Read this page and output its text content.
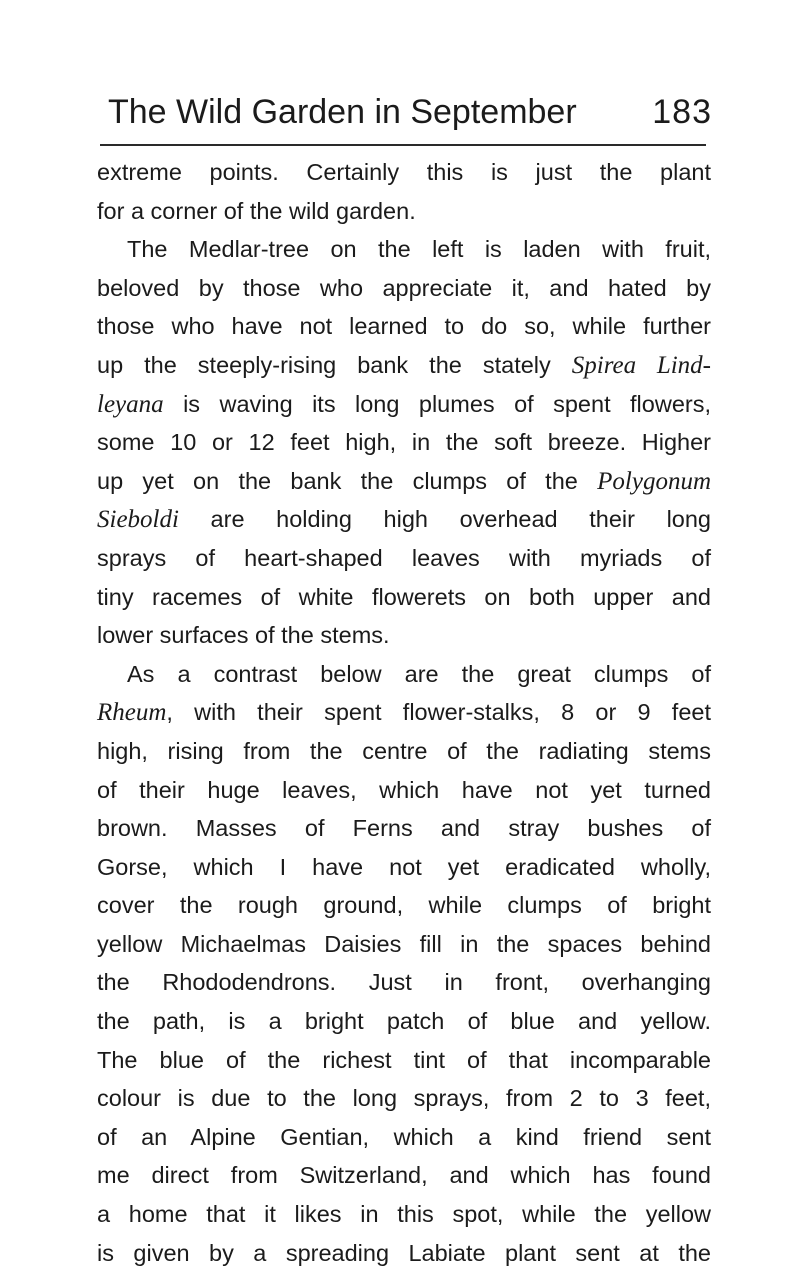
The Wild Garden in September 183
extreme points. Certainly this is just the plant
for a corner of the wild garden.
The Medlar-tree on the left is laden with fruit,
beloved by those who appreciate it, and hated by
those who have not learned to do so, while further
up the steeply-rising bank the stately Spirea Lind-
leyana is waving its long plumes of spent flowers,
some 10 or 12 feet high, in the soft breeze. Higher
up yet on the bank the clumps of the Polygonum
Sieboldi are holding high overhead their long
sprays of heart-shaped leaves with myriads of
tiny racemes of white flowerets on both upper and
lower surfaces of the stems.
As a contrast below are the great clumps of
Rheum, with their spent flower-stalks, 8 or 9 feet
high, rising from the centre of the radiating stems
of their huge leaves, which have not yet turned
brown. Masses of Ferns and stray bushes of
Gorse, which I have not yet eradicated wholly,
cover the rough ground, while clumps of bright
yellow Michaelmas Daisies fill in the spaces behind
the Rhododendrons. Just in front, overhanging
the path, is a bright patch of blue and yellow.
The blue of the richest tint of that incomparable
colour is due to the long sprays, from 2 to 3 feet,
of an Alpine Gentian, which a kind friend sent
me direct from Switzerland, and which has found
a home that it likes in this spot, while the yellow
is given by a spreading Labiate plant sent at the
